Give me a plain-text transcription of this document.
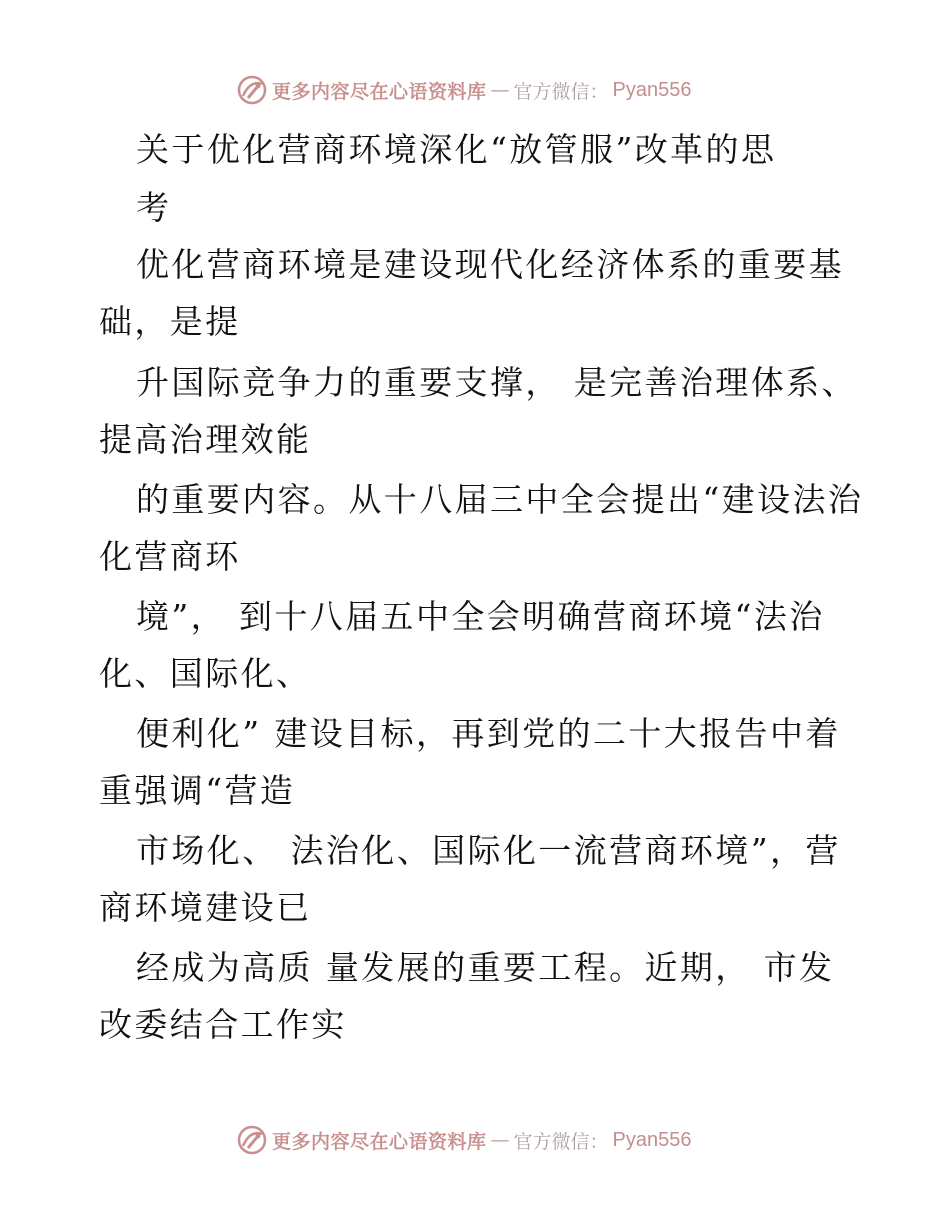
更多内容尽在心语资料库 — 官方微信： Pyan556
关于优化营商环境深化“放管服”改革的思
考
优化营商环境是建设现代化经济体系的重要基
础，是提
升国际竞争力的重要支撑， 是完善治理体系、
提高治理效能
的重要内容。从十八届三中全会提出“建设法治
化营商环
境”， 到十八届五中全会明确营商环境“法治
化、国际化、
便利化” 建设目标，再到党的二十大报告中着
重强调“营造
市场化、 法治化、国际化一流营商环境”，营
商环境建设已
经成为高质 量发展的重要工程。近期， 市发
改委结合工作实
更多内容尽在心语资料库 — 官方微信： Pyan556
